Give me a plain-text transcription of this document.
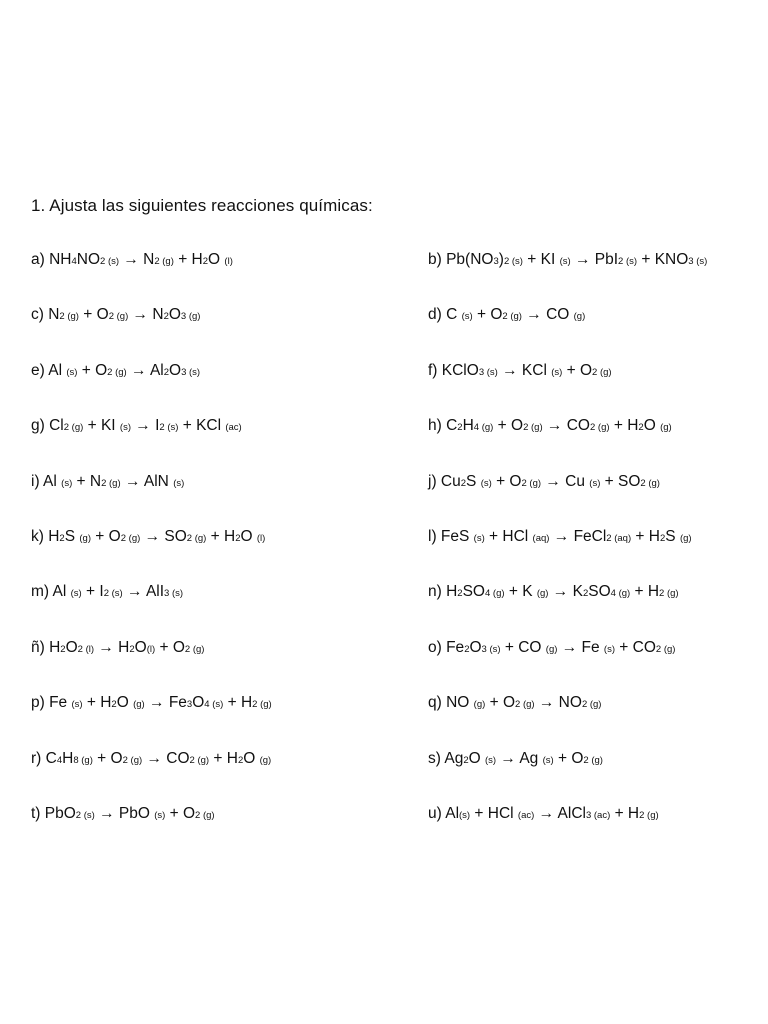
1. Ajusta las siguientes reacciones químicas:
a) NH4NO2 (s) → N2 (g) + H2O (l)
c) N2 (g) + O2 (g) → N2O3 (g)
e) Al (s) + O2 (g) → Al2O3 (s)
g) Cl2 (g) + KI (s) → I2 (s) + KCl (ac)
i) Al (s) + N2 (g) → AlN (s)
k) H2S (g) + O2 (g) → SO2 (g) + H2O (l)
m) Al (s) + I2 (s) → AlI3 (s)
ñ) H2O2 (l) → H2O(l) + O2 (g)
p) Fe (s) + H2O (g) → Fe3O4 (s) + H2 (g)
r) C4H8 (g) + O2 (g) → CO2 (g) + H2O (g)
t) PbO2 (s) → PbO (s) + O2 (g)
b) Pb(NO3)2 (s) + KI (s) → PbI2 (s) + KNO3 (s)
d) C (s) + O2 (g) → CO (g)
f) KClO3 (s) → KCl (s) + O2 (g)
h) C2H4 (g) + O2 (g) → CO2 (g) + H2O (g)
j) Cu2S (s) + O2 (g) → Cu (s) + SO2 (g)
l) FeS (s) + HCl (aq) → FeCl2 (aq) + H2S (g)
n) H2SO4 (g) + K (g) → K2SO4 (g) + H2 (g)
o) Fe2O3 (s) + CO (g) → Fe (s) + CO2 (g)
q) NO (g) + O2 (g) → NO2 (g)
s) Ag2O (s) → Ag (s) + O2 (g)
u) Al(s) + HCl (ac) → AlCl3 (ac) + H2 (g)
